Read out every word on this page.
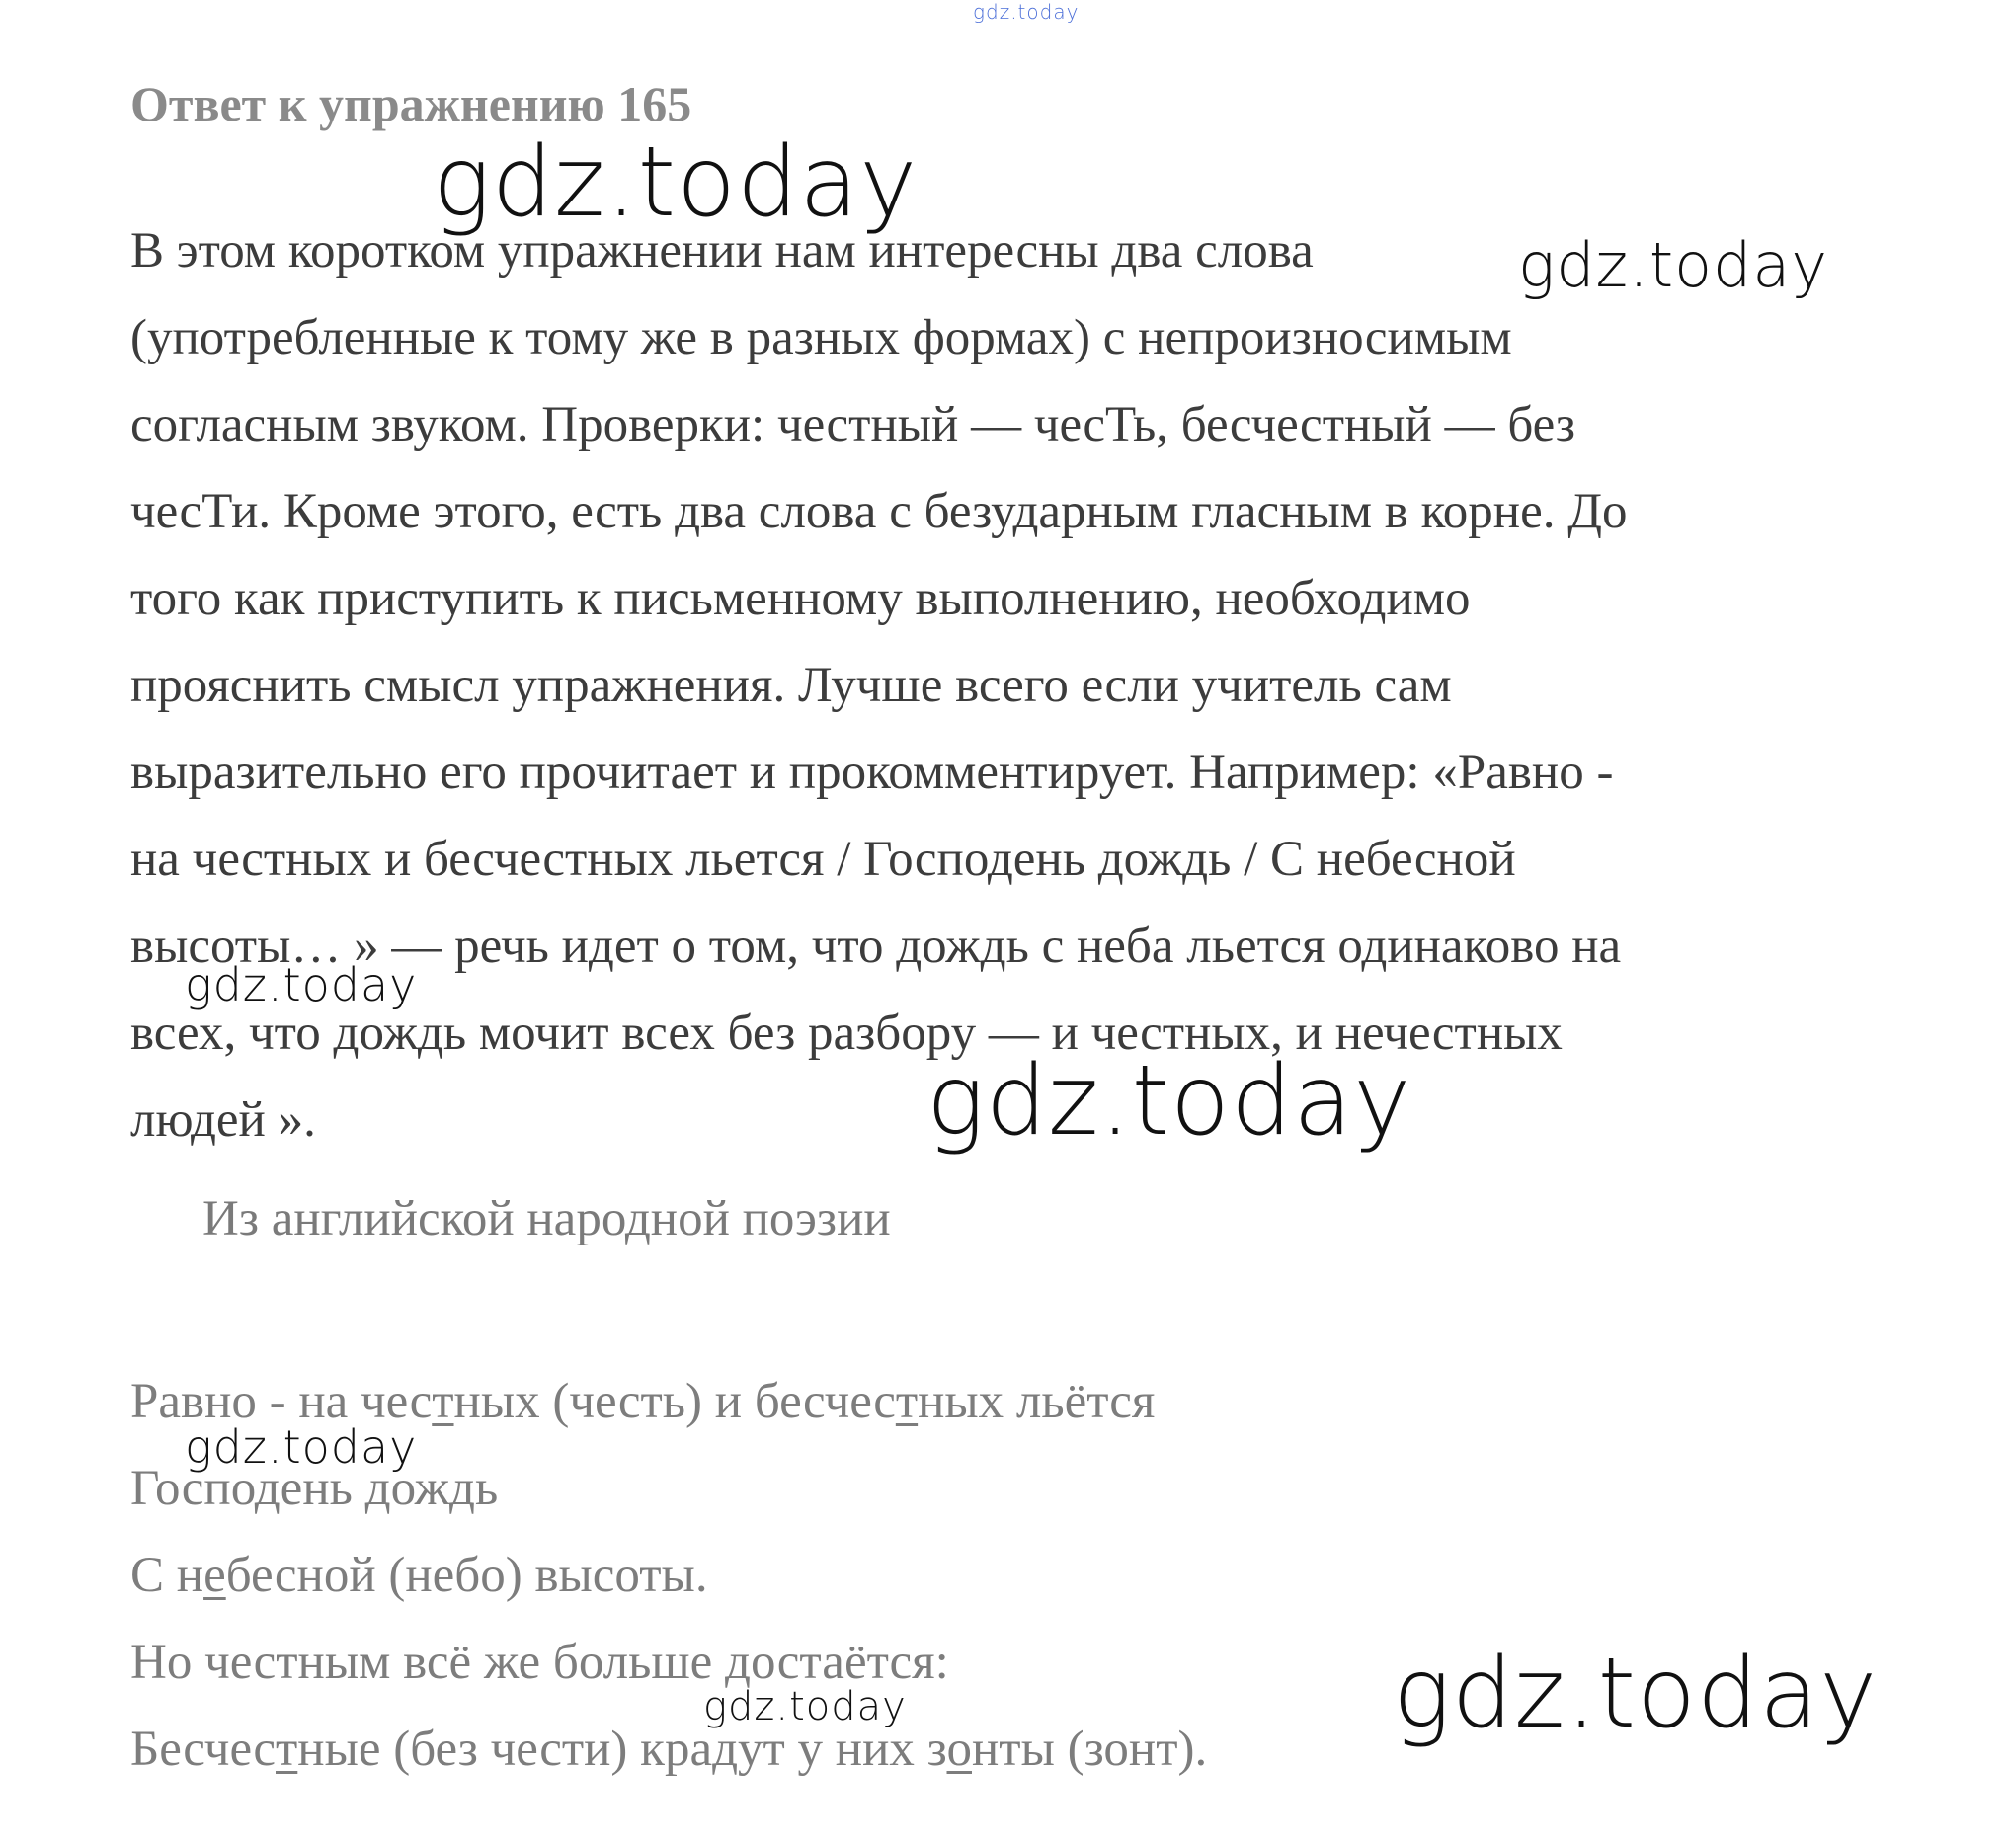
gdz.today
Ответ к упражнению 165
gdz.today
gdz.today
В этом коротком упражнении нам интересны два слова
(употребленные к тому же в разных формах) с непроизносимым
согласным звуком. Проверки: честный — чесТь, бесчестный — без
чесТи. Кроме этого, есть два слова с безударным гласным в корне. До
того как приступить к письменному выполнению, необходимо
прояснить смысл упражнения. Лучше всего если учитель сам
выразительно его прочитает и прокомментирует. Например: «Равно -
на честных и бесчестных льется / Господень дождь / С небесной
высоты… » — речь идет о том, что дождь с неба льется одинаково на
всех, что дождь мочит всех без разбору — и честных, и нечестных
людей ».
gdz.today
gdz.today
Из английской народной поэзии
Равно - на честных (честь) и бесчестных льётся
Господень дождь
С небесной (небо) высоты.
Но честным всё же больше достаётся:
Бесчестные (без чести) крадут у них зонты (зонт).
gdz.today
gdz.today	gdz.today
